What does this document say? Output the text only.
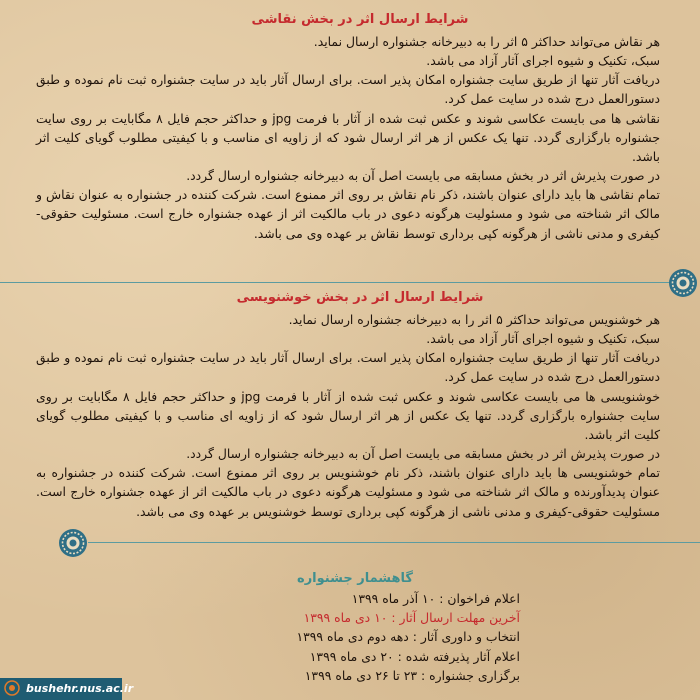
شرایط ارسال اثر در بخش نقاشی

هر نقاش می‌تواند حداکثر ۵ اثر را به دبیرخانه جشنواره ارسال نماید.

سبک، تکنیک و شیوه اجرای آثار آزاد می باشد.

دریافت آثار تنها از طریق سایت جشنواره امکان پذیر است. برای ارسال آثار باید در سایت جشنواره ثبت نام نموده و طبق دستورالعمل درج شده در سایت عمل کرد.

نقاشی ها می بایست عکاسی شوند و عکس ثبت شده از آثار با فرمت jpg و حداکثر حجم فایل ۸ مگابایت بر روی سایت جشنواره بارگزاری گردد. تنها یک عکس از هر اثر ارسال شود که از زاویه ای مناسب و با کیفیتی مطلوب گویای کلیت اثر باشد.

در صورت پذیرش اثر در بخش مسابقه می بایست اصل آن به دبیرخانه جشنواره ارسال گردد.

تمام نقاشی ها باید دارای عنوان باشند، ذکر نام نقاش بر روی اثر ممنوع است. شرکت کننده در جشنواره به عنوان نقاش و مالک اثر شناخته می شود و مسئولیت هرگونه دعوی در باب مالکیت اثر از عهده جشنواره خارج است. مسئولیت حقوقی-کیفری و مدنی ناشی از هرگونه کپی برداری توسط نقاش بر عهده وی می باشد.

شرایط ارسال اثر در بخش خوشنویسی

هر خوشنویس می‌تواند حداکثر ۵ اثر را به دبیرخانه جشنواره ارسال نماید.

سبک، تکنیک و شیوه اجرای آثار آزاد می باشد.

دریافت آثار تنها از طریق سایت جشنواره امکان پذیر است. برای ارسال آثار باید در سایت جشنواره ثبت نام نموده و طبق دستورالعمل درج شده در سایت عمل کرد.

خوشنویسی ها می بایست عکاسی شوند و عکس ثبت شده از آثار با فرمت jpg و حداکثر حجم فایل ۸ مگابایت بر روی سایت جشنواره بارگزاری گردد. تنها یک عکس از هر اثر ارسال شود که از زاویه ای مناسب و با کیفیتی مطلوب گویای کلیت اثر باشد.

در صورت پذیرش اثر در بخش مسابقه می بایست اصل آن به دبیرخانه جشنواره ارسال گردد.

تمام خوشنویسی ها باید دارای عنوان باشند، ذکر نام خوشنویس بر روی اثر ممنوع است. شرکت کننده در جشنواره به عنوان پدیدآورنده و مالک اثر شناخته می شود و مسئولیت هرگونه دعوی در باب مالکیت اثر از عهده جشنواره خارج است. مسئولیت حقوقی-کیفری و مدنی ناشی از هرگونه کپی برداری توسط خوشنویس بر عهده وی می باشد.

گاهشمار جشنواره

اعلام فراخوان : ۱۰ آذر ماه ۱۳۹۹

آخرین مهلت ارسال آثار : ۱۰ دی ماه ۱۳۹۹

انتخاب و داوری آثار : دهه دوم دی ماه ۱۳۹۹

اعلام آثار پذیرفته شده : ۲۰ دی ماه ۱۳۹۹

برگزاری جشنواره : ۲۳ تا ۲۶ دی ماه ۱۳۹۹

bushehr.nus.ac.ir
